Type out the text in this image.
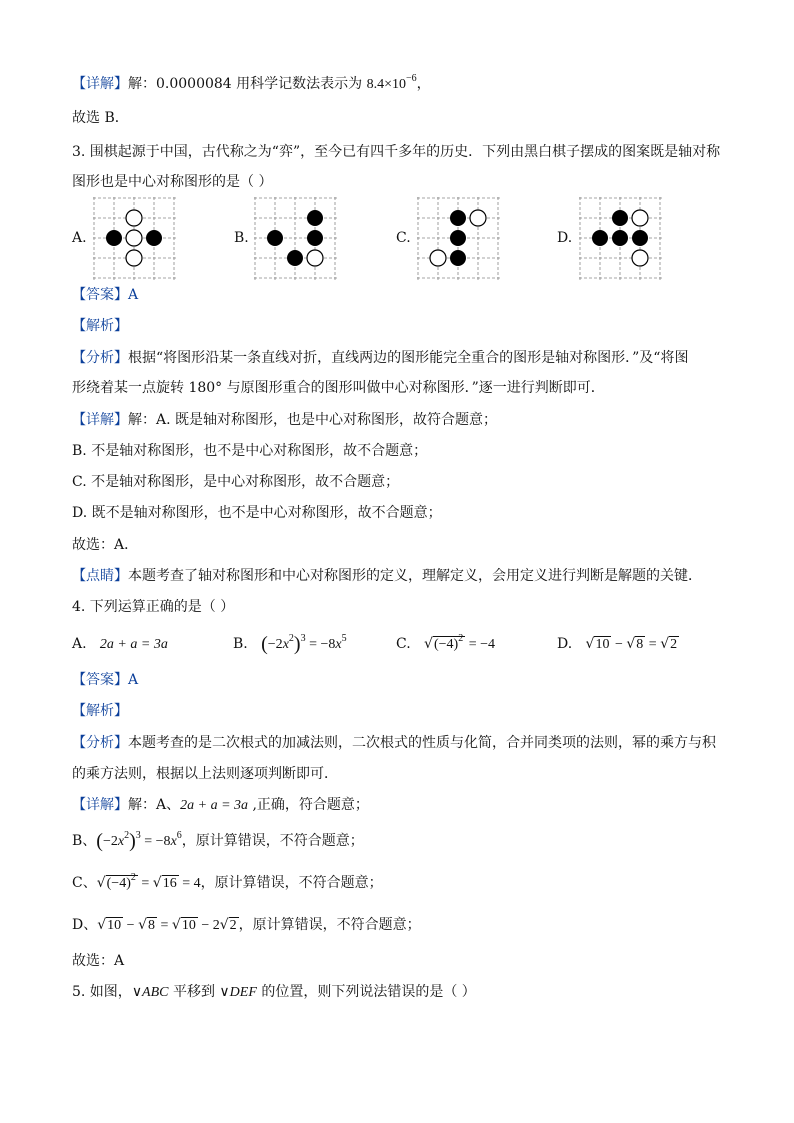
【详解】解：0.0000084 用科学记数法表示为 $8.4\times 10^{-6}$，
故选 B．
3. 围棋起源于中国，古代称之为“弈”，至今已有四千多年的历史．下列由黑白棋子摆成的图案既是轴对称
图形也是中心对称图形的是（ ）
A.	B.	C.	D.
【答案】A
【解析】
【分析】根据“将图形沿某一条直线对折，直线两边的图形能完全重合的图形是轴对称图形．”及“将图
形绕着某一点旋转 180° 与原图形重合的图形叫做中心对称图形．”逐一进行判断即可．
【详解】解：A. 既是轴对称图形，也是中心对称图形，故符合题意；
B. 不是轴对称图形，也不是中心对称图形，故不合题意；
C. 不是轴对称图形，是中心对称图形，故不合题意；
D. 既不是轴对称图形，也不是中心对称图形，故不合题意；
故选：A．
【点睛】本题考查了轴对称图形和中心对称图形的定义，理解定义，会用定义进行判断是解题的关键．
4. 下列运算正确的是（ ）
A. 2a + a = 3a	B. $(-2x^2)^3 = -8x^5$	C. $√(-4)^2 = -4$	D. √10 − √8 = √2
【答案】A
【解析】
【分析】本题考查的是二次根式的加减法则，二次根式的性质与化简，合并同类项的法则，幂的乘方与积
的乘方法则，根据以上法则逐项判断即可．
【详解】解：A、2a + a = 3a ,正确，符合题意；
B、$(-2x^2)^3 = -8x^6$，原计算错误，不符合题意；
C、$√(-4)^2 = √16 = 4$，原计算错误，不符合题意；
D、√10 − √8 = √10 − 2√2 ，原计算错误，不符合题意；
故选：A
5. 如图，∨ABC 平移到 ∨DEF 的位置，则下列说法错误的是（ ）
